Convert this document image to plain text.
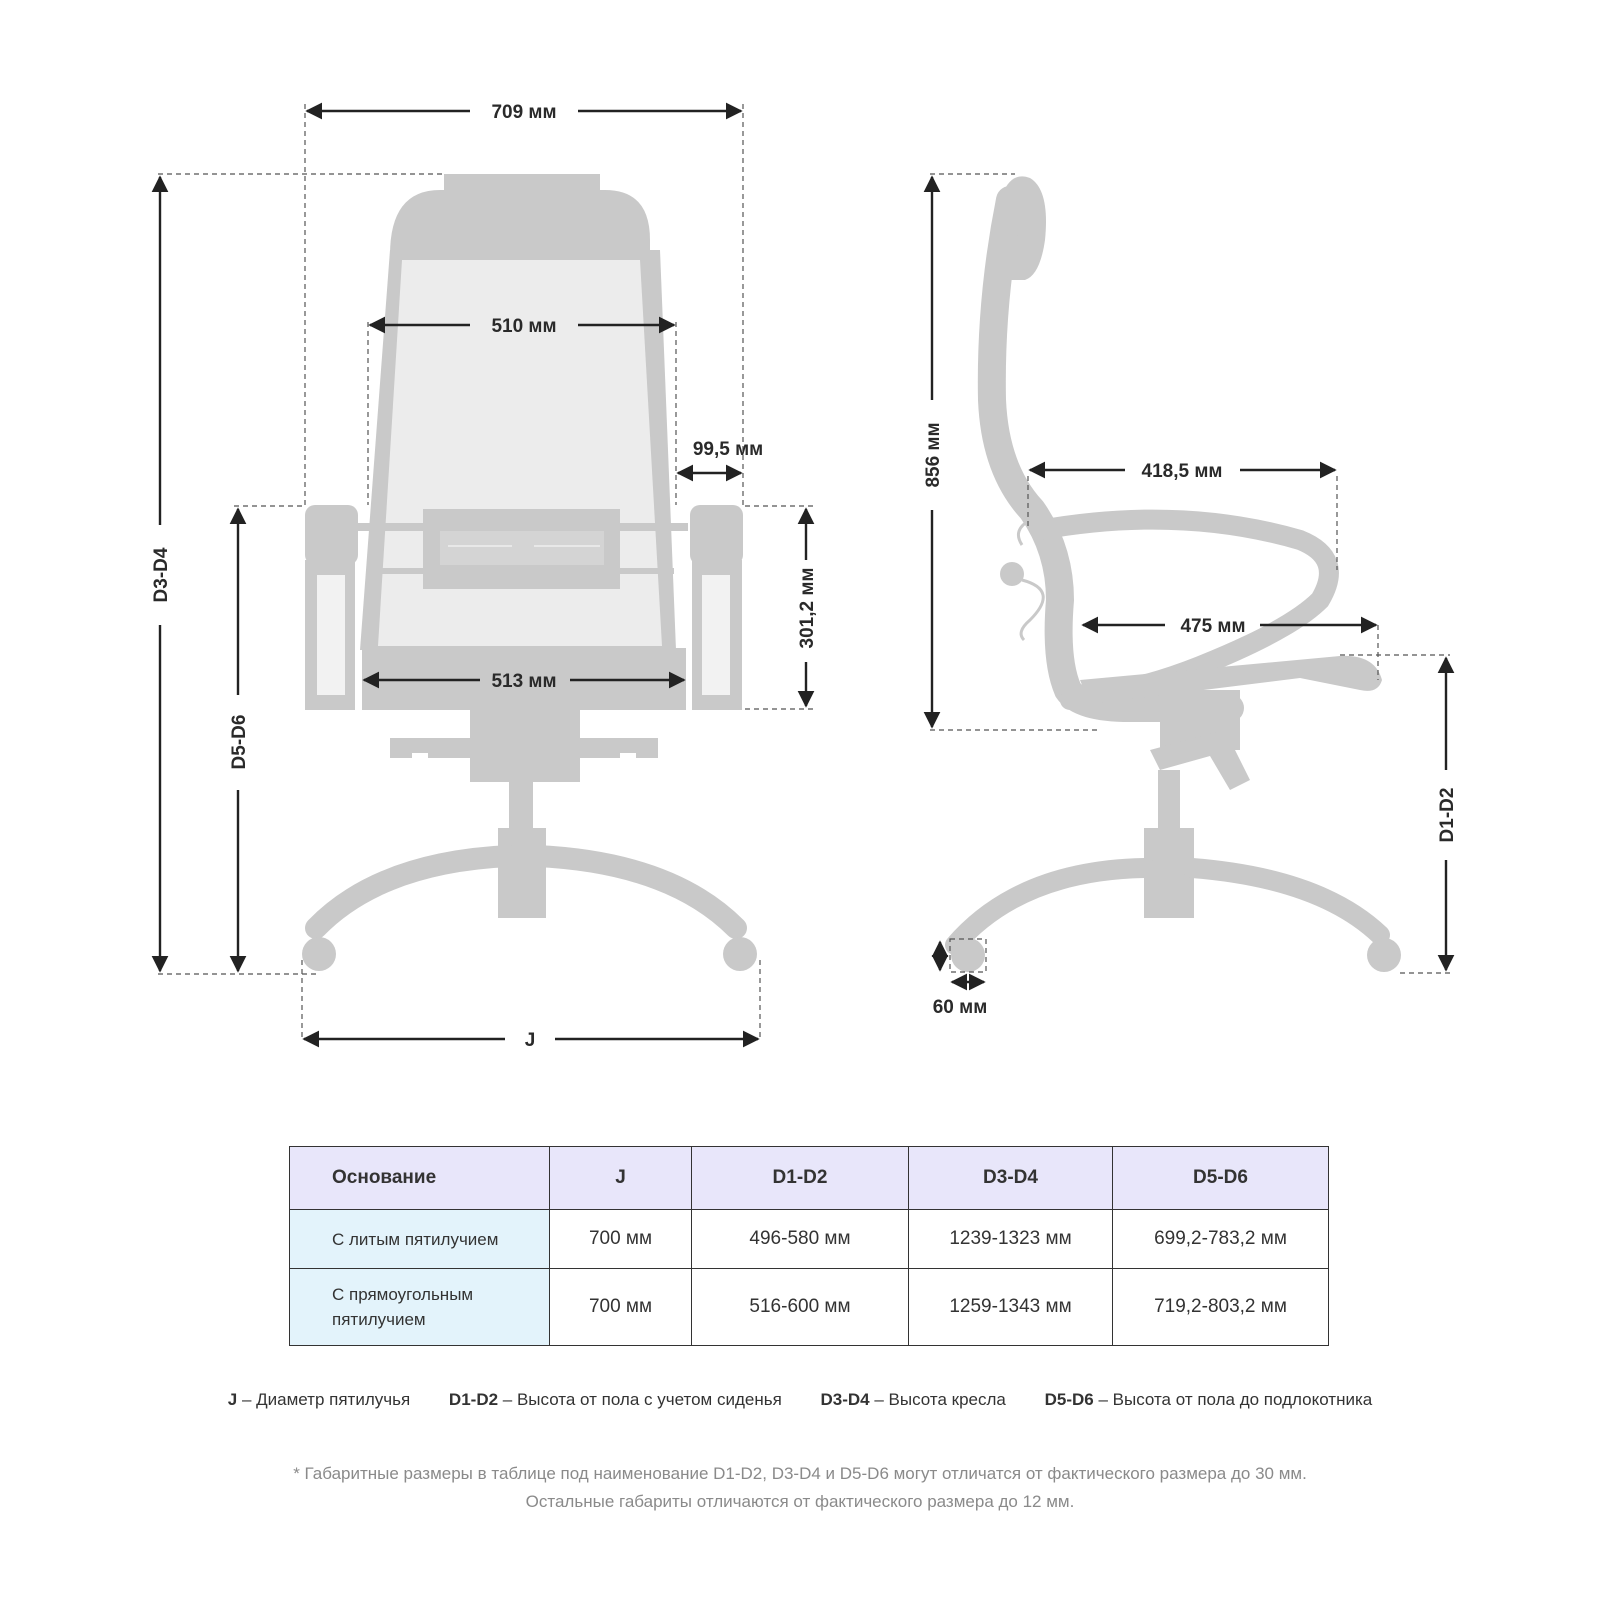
709 мм
510 мм
99,5 мм
513 мм
301,2 мм
D3-D4
D5-D6
J
856 мм	418,5 мм
475 мм
D1-D2
60 мм
Основание	J	D1-D2	D3-D4	D5-D6
С литым пятилучием	700 мм	496-580 мм	1239-1323 мм	699,2-783,2 мм
С прямоугольным пятилучием	700 мм	516-600 мм	1259-1343 мм	719,2-803,2 мм
J – Диаметр пятилучья D1-D2 – Высота от пола с учетом сиденья D3-D4 – Высота кресла D5-D6 – Высота от пола до подлокотника
* Габаритные размеры в таблице под наименование D1-D2, D3-D4 и D5-D6 могут отличатся от фактического размера до 30 мм.
Остальные габариты отличаются от фактического размера до 12 мм.
